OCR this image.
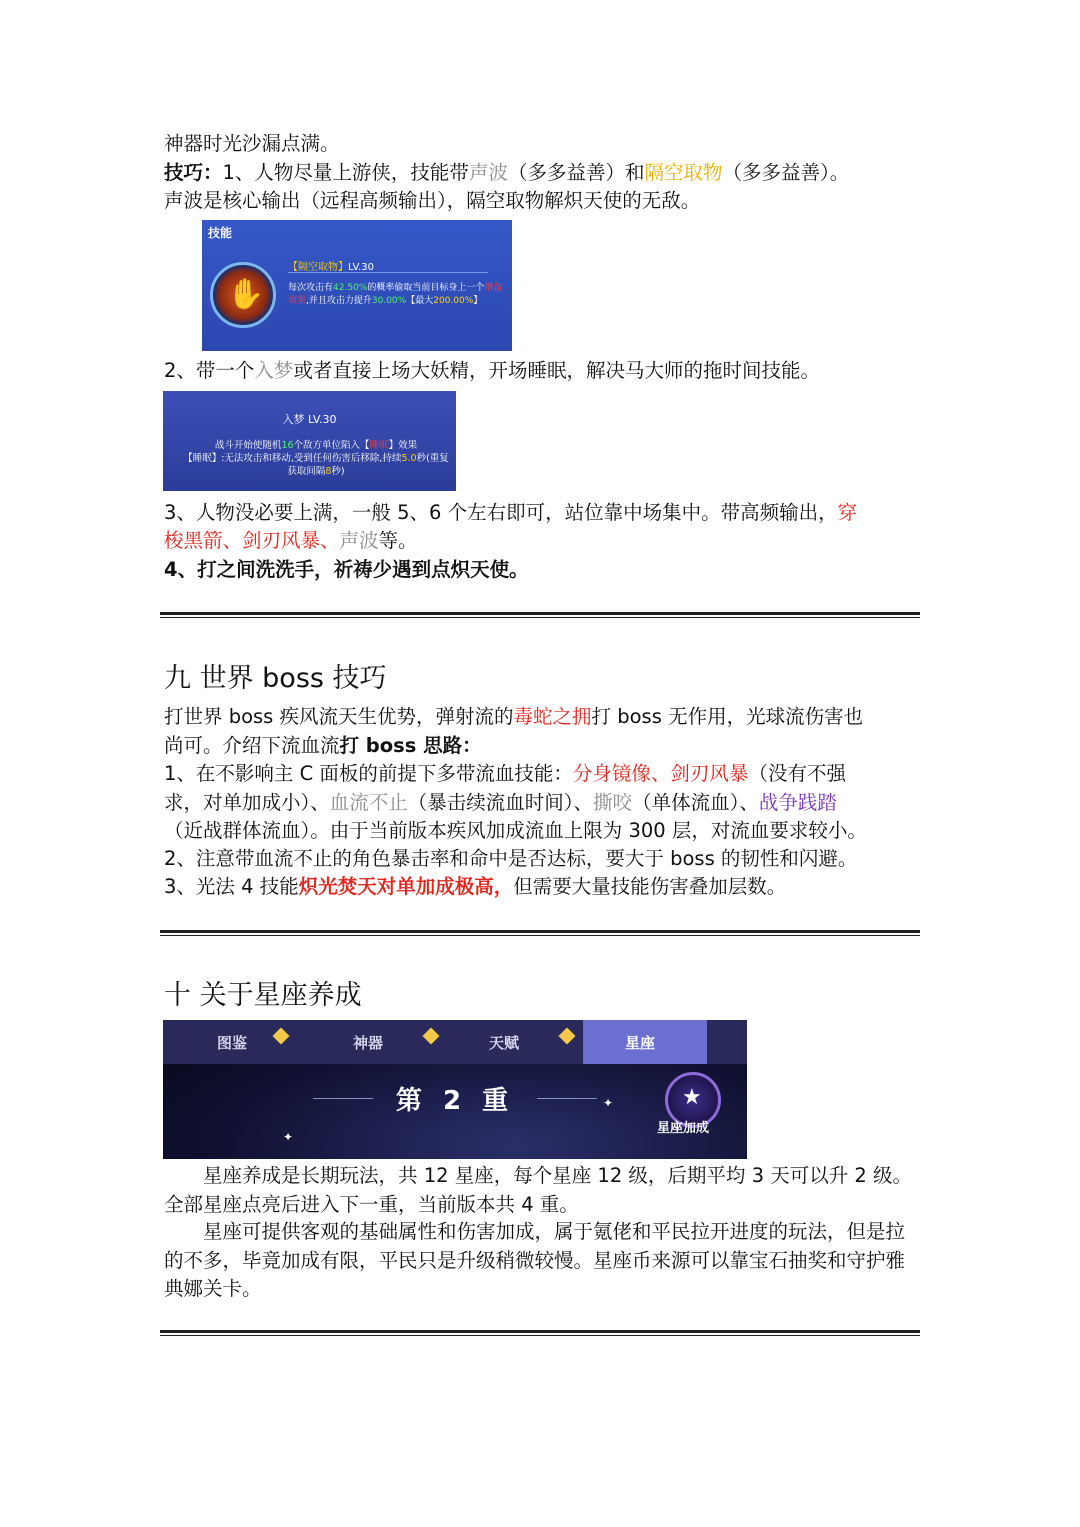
神器时光沙漏点满。
技巧：1、人物尽量上游侠，技能带声波（多多益善）和隔空取物（多多益善）。
声波是核心输出（远程高频输出），隔空取物解炽天使的无敌。
技能
✋
【隔空取物】LV.30
每次攻击有42.50%的概率偷取当前目标身上一个增益效果,并且攻击力提升30.00%【最大200.00%】
2、带一个入梦或者直接上场大妖精，开场睡眠，解决马大师的拖时间技能。
入梦 LV.30
战斗开始使随机16个敌方单位陷入【睡眠】效果
【睡眠】:无法攻击和移动,受到任何伤害后移除,持续5.0秒(重复获取间隔8秒)
3、人物没必要上满，一般 5、6 个左右即可，站位靠中场集中。带高频输出，穿
梭黑箭、剑刃风暴、声波等。
4、打之间洗洗手，祈祷少遇到点炽天使。
九 世界 boss 技巧
打世界 boss 疾风流天生优势，弹射流的毒蛇之拥打 boss 无作用，光球流伤害也
尚可。介绍下流血流打 boss 思路：
1、在不影响主 C 面板的前提下多带流血技能：分身镜像、剑刃风暴（没有不强
求，对单加成小）、血流不止（暴击续流血时间）、撕咬（单体流血）、战争践踏
（近战群体流血）。由于当前版本疾风加成流血上限为 300 层，对流血要求较小。
2、注意带血流不止的角色暴击率和命中是否达标，要大于 boss 的韧性和闪避。
3、光法 4 技能炽光焚天对单加成极高，但需要大量技能伤害叠加层数。
十 关于星座养成
图鉴	神器	天赋	星座
第 2 重	✦
✦
★
星座加成
星座养成是长期玩法，共 12 星座，每个星座 12 级，后期平均 3 天可以升 2 级。全部星座点亮后进入下一重，当前版本共 4 重。
星座可提供客观的基础属性和伤害加成，属于氪佬和平民拉开进度的玩法，但是拉的不多，毕竟加成有限，平民只是升级稍微较慢。星座币来源可以靠宝石抽奖和守护雅典娜关卡。
